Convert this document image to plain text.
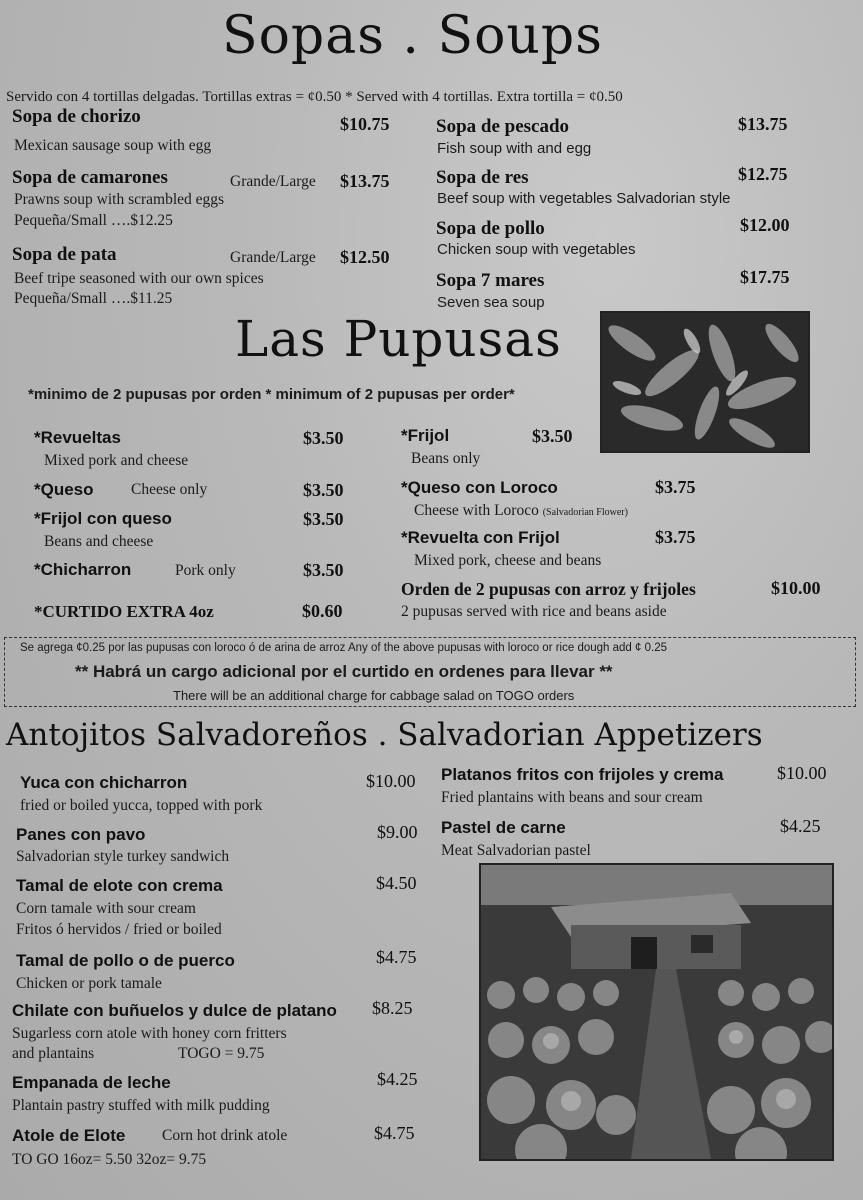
Sopas . Soups
Servido con 4 tortillas delgadas. Tortillas extras = ¢0.50 * Served with 4 tortillas. Extra tortilla = ¢0.50
Sopa de chorizo	$10.75
Mexican sausage soup with egg
Sopa de camarones	Grande/Large $13.75
Prawns soup with scrambled eggs
Pequeña/Small ….$12.25
Sopa de pata	Grande/Large $12.50
Beef tripe seasoned with our own spices
Pequeña/Small ….$11.25
Sopa de pescado	$13.75
Fish soup with and egg
Sopa de res	$12.75
Beef soup with vegetables Salvadorian style
Sopa de pollo	$12.00
Chicken soup with vegetables
Sopa 7 mares	$17.75
Seven sea soup
Las Pupusas
*minimo de 2 pupusas por orden * minimum of 2 pupusas per order*
*Revueltas	$3.50
Mixed pork and cheese
*Queso Cheese only	$3.50
*Frijol con queso	$3.50
Beans and cheese
*Chicharron	Pork only	$3.50
*CURTIDO EXTRA 4oz	$0.60
*Frijol	$3.50
Beans only
*Queso con Loroco	$3.75
Cheese with Loroco (Salvadorian Flower)
*Revuelta con Frijol	$3.75
Mixed pork, cheese and beans
Orden de 2 pupusas con arroz y frijoles	$10.00
2 pupusas served with rice and beans aside
Se agrega ¢0.25 por las pupusas con loroco ó de arina de arroz Any of the above pupusas with loroco or rice dough add ¢ 0.25
** Habrá un cargo adicional por el curtido en ordenes para llevar **
There will be an additional charge for cabbage salad on TOGO orders
Antojitos Salvadoreños . Salvadorian Appetizers
Yuca con chicharron	$10.00
fried or boiled yucca, topped with pork
Panes con pavo	$9.00
Salvadorian style turkey sandwich
Tamal de elote con crema	$4.50
Corn tamale with sour cream
Fritos ó hervidos / fried or boiled
Tamal de pollo o de puerco	$4.75
Chicken or pork tamale
Chilate con buñuelos y dulce de platano $8.25
Sugarless corn atole with honey corn fritters
and plantains	TOGO = 9.75
Empanada de leche	$4.25
Plantain pastry stuffed with milk pudding
Atole de Elote Corn hot drink atole	$4.75
TO GO 16oz= 5.50 32oz= 9.75
Platanos fritos con frijoles y crema	$10.00
Fried plantains with beans and sour cream
Pastel de carne	$4.25
Meat Salvadorian pastel
